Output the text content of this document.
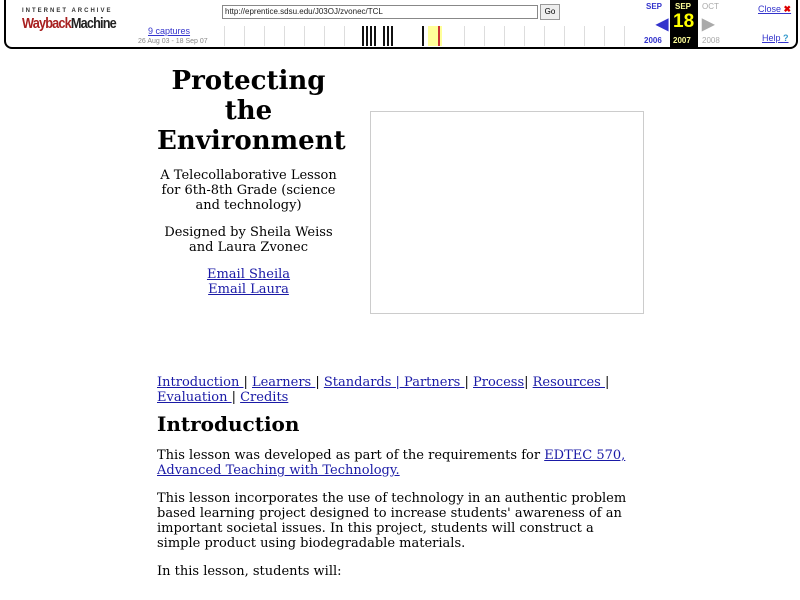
INTERNET ARCHIVE
WaybackMachine
http://eprentice.sdsu.edu/J03OJ/zvonec/TCL	Go
9 captures
26 Aug 03 - 18 Sep 07
SEP
◀
2006
SEP
18
2007
OCT
▶
2008
Close ✖
Help ?
Protecting the Environment

A Telecollaborative Lesson for 6th-8th Grade (science and technology)

Designed by Sheila Weiss and Laura Zvonec

Email Sheila
Email Laura

Introduction | Learners | Standards | Partners | Process| Resources | Evaluation | Credits
Introduction

This lesson was developed as part of the requirements for EDTEC 570, Advanced Teaching with Technology.

This lesson incorporates the use of technology in an authentic problem based learning project designed to increase students' awareness of an important societal issues. In this project, students will construct a simple product using biodegradable materials.

In this lesson, students will:
